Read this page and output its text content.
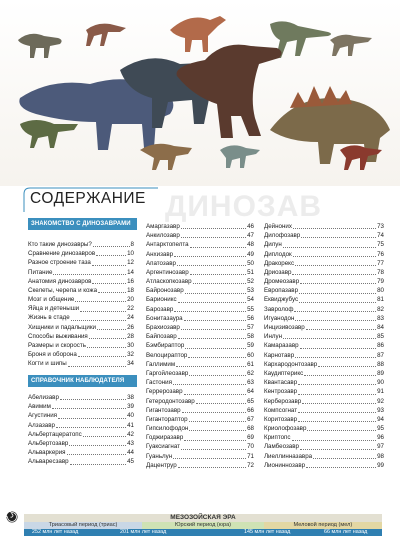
ДИНОЗАВ
СОДЕРЖАНИЕ
ЗНАКОМСТВО С ДИНОЗАВРАМИ
СПРАВОЧНИК НАБЛЮДАТЕЛЯ
Кто такие динозавры?	8
Сравнение динозавров	10
Разное строение таза	12
Питание	14
Анатомия динозавров	16
Скелеты, черепа и кожа	18
Мозг и общение	20
Яйца и детеныши	22
Жизнь в стаде	24
Хищники и падальщики	26
Способы выживания	28
Размеры и скорость	30
Броня и оборона	32
Когти и шипы	34
Абелизавр	38
Авимим	39
Агустиния	40
Алзазавр	41
Альбертацератопс	42
Альбертозавр	43
Альваркерия	44
Альваресзавр	45
Амаргазавр	46
Анкилозавр	47
Антарктопелта	48
Анхизавр	49
Апатозавр	50
Аргентинозавр	51
Атласкопкозавр	52
Байронозавр	53
Барионикс	54
Барозавр	55
Бонитазаура	56
Брахиозавр	57
Байпозавр	58
Бэмбираптор	59
Велоцираптор	60
Галлимим	61
Гаргойлеозавр	62
Гастония	63
Геррерозавр	64
Гетеродонтозавр	65
Гигантозавр	66
Гиганторaптор	67
Гипсилофодон	68
Годжиразавр	69
Гуаксиагнат	70
Гуаньлун	71
Дацентрур	72
Дейноних	73
Дилофозавр	74
Дилун	75
Диплодок	76
Дракорекс	77
Дриозавр	78
Дромеозавр	79
Европазавр	80
Еквиджубус	81
Завролоф	82
Игуанодон	83
Инцизивозавр	84
Инлун	85
Камаразавр	86
Карнотавр	87
Кархародонтозавр	88
Каудиптерикс	89
Квантасавр	90
Кентрозавр	91
Керберозавр	92
Компсогнат	93
Коритозавр	94
Криолофозавр	95
Криптопс	96
Ламбеозавр	97
Лиеллинназавра	98
Лиониннозавр	99
МЕЗОЗОЙСКАЯ ЭРА
Триасовый период (триас)	Юрский период (юра)	Меловой период (мел)
252 млн лет назад	201 млн лет назад	145 млн лет назад	66 млн лет назад
